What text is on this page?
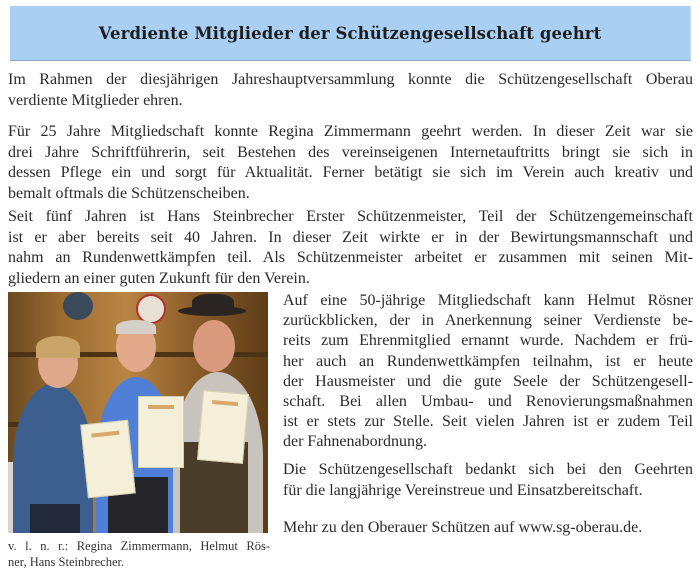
Verdiente Mitglieder der Schützengesellschaft geehrt
Im Rahmen der diesjährigen Jahreshauptversammlung konnte die Schützengesellschaft Oberau
verdiente Mitglieder ehren.
Für 25 Jahre Mitgliedschaft konnte Regina Zimmermann geehrt werden. In dieser Zeit war sie
drei Jahre Schriftführerin, seit Bestehen des vereinseigenen Internetauftritts bringt sie sich in
dessen Pflege ein und sorgt für Aktualität. Ferner betätigt sie sich im Verein auch kreativ und
bemalt oftmals die Schützenscheiben.
Seit fünf Jahren ist Hans Steinbrecher Erster Schützenmeister, Teil der Schützengemeinschaft
ist er aber bereits seit 40 Jahren. In dieser Zeit wirkte er in der Bewirtungsmannschaft und
nahm an Rundenwettkämpfen teil. Als Schützenmeister arbeitet er zusammen mit seinen Mit-
gliedern an einer guten Zukunft für den Verein.
Auf eine 50-jährige Mitgliedschaft kann Helmut Rösner
zurückblicken, der in Anerkennung seiner Verdienste be-
reits zum Ehrenmitglied ernannt wurde. Nachdem er frü-
her auch an Rundenwettkämpfen teilnahm, ist er heute
der Hausmeister und die gute Seele der Schützengesell-
schaft. Bei allen Umbau- und Renovierungsmaßnahmen
ist er stets zur Stelle. Seit vielen Jahren ist er zudem Teil
der Fahnenabordnung.
Die Schützengesellschaft bedankt sich bei den Geehrten
für die langjährige Vereinstreue und Einsatzbereitschaft.
Mehr zu den Oberauer Schützen auf www.sg-oberau.de.
v. l. n. r.: Regina Zimmermann, Helmut Rös-
ner, Hans Steinbrecher.
